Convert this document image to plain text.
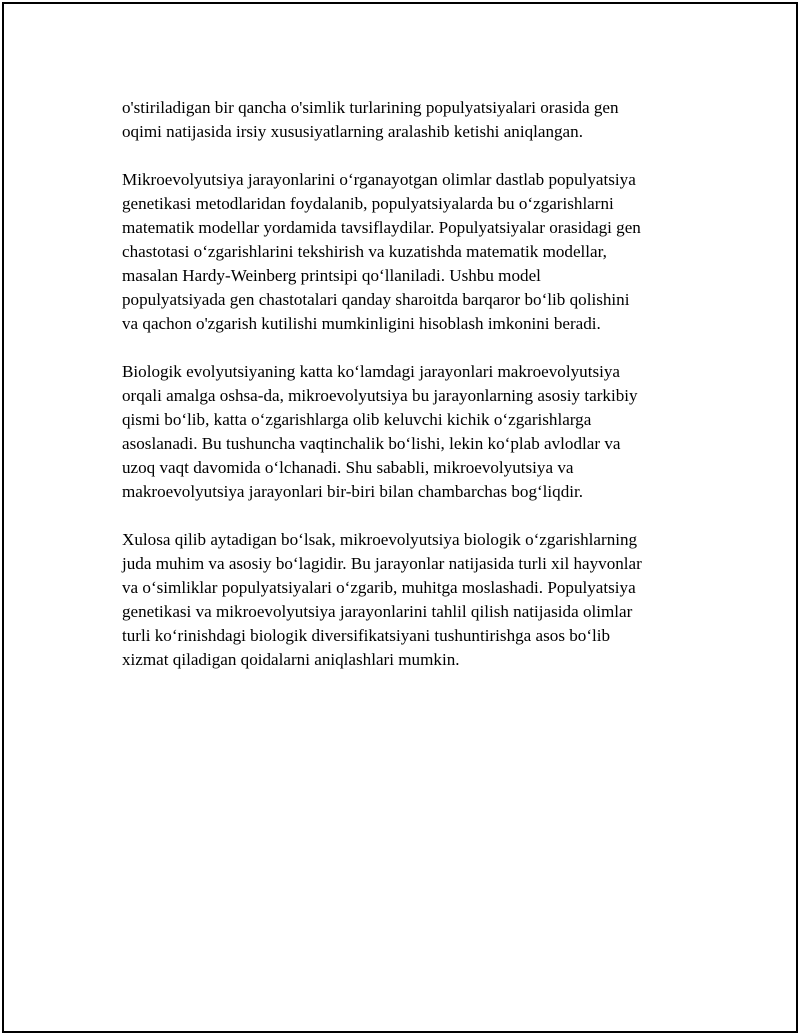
o'stiriladigan bir qancha o'simlik turlarining populyatsiyalari orasida gen
oqimi natijasida irsiy xususiyatlarning aralashib ketishi aniqlangan.

Mikroevolyutsiya jarayonlarini o‘rganayotgan olimlar dastlab populyatsiya
genetikasi metodlaridan foydalanib, populyatsiyalarda bu o‘zgarishlarni
matematik modellar yordamida tavsiflaydilar. Populyatsiyalar orasidagi gen
chastotasi o‘zgarishlarini tekshirish va kuzatishda matematik modellar,
masalan Hardy-Weinberg printsipi qo‘llaniladi. Ushbu model
populyatsiyada gen chastotalari qanday sharoitda barqaror bo‘lib qolishini
va qachon o'zgarish kutilishi mumkinligini hisoblash imkonini beradi.

Biologik evolyutsiyaning katta ko‘lamdagi jarayonlari makroevolyutsiya
orqali amalga oshsa-da, mikroevolyutsiya bu jarayonlarning asosiy tarkibiy
qismi bo‘lib, katta o‘zgarishlarga olib keluvchi kichik o‘zgarishlarga
asoslanadi. Bu tushuncha vaqtinchalik bo‘lishi, lekin ko‘plab avlodlar va
uzoq vaqt davomida o‘lchanadi. Shu sababli, mikroevolyutsiya va
makroevolyutsiya jarayonlari bir-biri bilan chambarchas bog‘liqdir.

Xulosa qilib aytadigan bo‘lsak, mikroevolyutsiya biologik o‘zgarishlarning
juda muhim va asosiy bo‘lagidir. Bu jarayonlar natijasida turli xil hayvonlar
va o‘simliklar populyatsiyalari o‘zgarib, muhitga moslashadi. Populyatsiya
genetikasi va mikroevolyutsiya jarayonlarini tahlil qilish natijasida olimlar
turli ko‘rinishdagi biologik diversifikatsiyani tushuntirishga asos bo‘lib
xizmat qiladigan qoidalarni aniqlashlari mumkin.
